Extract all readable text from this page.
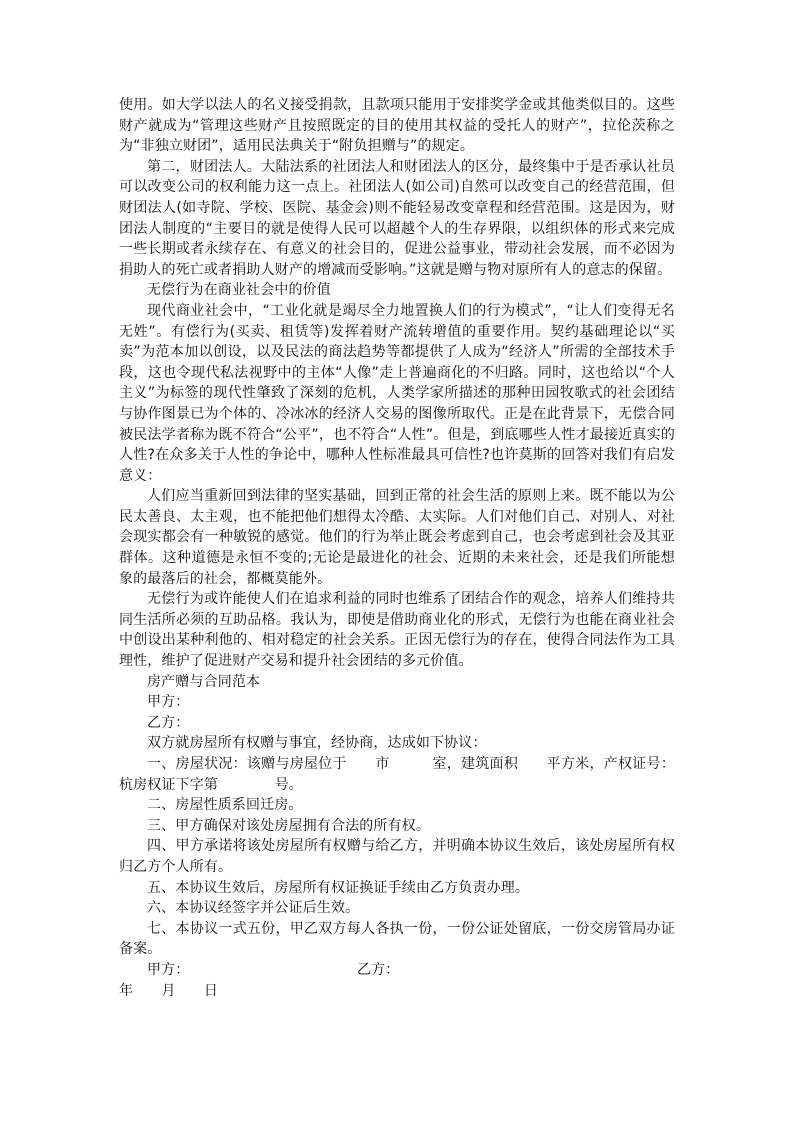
使用。如大学以法人的名义接受捐款，且款项只能用于安排奖学金或其他类似目的。这些财产就成为“管理这些财产且按照既定的目的使用其权益的受托人的财产”，拉伦茨称之为“非独立财团”，适用民法典关于“附负担赠与”的规定。

第二，财团法人。大陆法系的社团法人和财团法人的区分，最终集中于是否承认社员可以改变公司的权利能力这一点上。社团法人(如公司)自然可以改变自己的经营范围，但财团法人(如寺院、学校、医院、基金会)则不能轻易改变章程和经营范围。这是因为，财团法人制度的“主要目的就是使得人民可以超越个人的生存界限，以组织体的形式来完成一些长期或者永续存在、有意义的社会目的，促进公益事业，带动社会发展，而不必因为捐助人的死亡或者捐助人财产的增减而受影响。”这就是赠与物对原所有人的意志的保留。

无偿行为在商业社会中的价值

现代商业社会中，“工业化就是竭尽全力地置换人们的行为模式”，“让人们变得无名无姓”。有偿行为(买卖、租赁等)发挥着财产流转增值的重要作用。契约基础理论以“买卖”为范本加以创设，以及民法的商法趋势等都提供了人成为“经济人”所需的全部技术手段，这也令现代私法视野中的主体“人像”走上普遍商化的不归路。同时，这也给以“个人主义”为标签的现代性肇致了深刻的危机，人类学家所描述的那种田园牧歌式的社会团结与协作图景已为个体的、冷冰冰的经济人交易的图像所取代。正是在此背景下，无偿合同被民法学者称为既不符合“公平”，也不符合“人性”。但是，到底哪些人性才最接近真实的人性?在众多关于人性的争论中，哪种人性标准最具可信性?也许莫斯的回答对我们有启发意义：

人们应当重新回到法律的坚实基础，回到正常的社会生活的原则上来。既不能以为公民太善良、太主观，也不能把他们想得太冷酷、太实际。人们对他们自己、对别人、对社会现实都会有一种敏锐的感觉。他们的行为举止既会考虑到自己，也会考虑到社会及其亚群体。这种道德是永恒不变的;无论是最进化的社会、近期的未来社会，还是我们所能想象的最落后的社会，都概莫能外。

无偿行为或许能使人们在追求利益的同时也维系了团结合作的观念，培养人们维持共同生活所必须的互助品格。我认为，即使是借助商业化的形式，无偿行为也能在商业社会中创设出某种利他的、相对稳定的社会关系。正因无偿行为的存在，使得合同法作为工具理性，维护了促进财产交易和提升社会团结的多元价值。

房产赠与合同范本

甲方：

乙方：

双方就房屋所有权赠与事宜，经协商，达成如下协议：

一、房屋状况：该赠与房屋位于　　市　　　室，建筑面积　　平方米，产权证号：杭房权证下字第　　　　号。

二、房屋性质系回迁房。

三、甲方确保对该处房屋拥有合法的所有权。

四、甲方承诺将该处房屋所有权赠与给乙方，并明确本协议生效后，该处房屋所有权归乙方个人所有。

五、本协议生效后，房屋所有权证换证手续由乙方负责办理。

六、本协议经签字并公证后生效。

七、本协议一式五份，甲乙双方每人各执一份，一份公证处留底，一份交房管局办证备案。

甲方：	乙方：

年　　月　　日
